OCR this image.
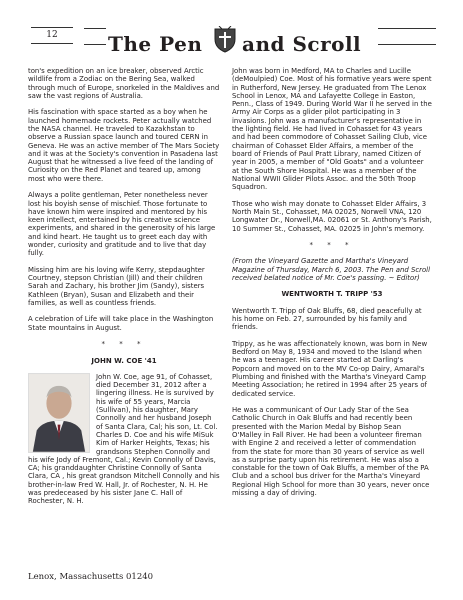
12	The Pen and Scroll

ton's expedition on an ice breaker, observed Arctic wildlife from a Zodiac on the Bering Sea, walked through much of Europe, snorkeled in the Maldives and saw the vast regions of Australia.

His fascination with space started as a boy when he launched homemade rockets. Peter actually watched the NASA channel. He traveled to Kazakhstan to observe a Russian space launch and toured CERN in Geneva. He was an active member of The Mars Society and it was at the Society's convention in Pasadena last August that he witnessed a live feed of the landing of Curiosity on the Red Planet and teared up, among most who were there.

Always a polite gentleman, Peter nonetheless never lost his boyish sense of mischief. Those fortunate to have known him were inspired and mentored by his keen intellect, entertained by his creative science experiments, and shared in the generosity of his large and kind heart. He taught us to greet each day with wonder, curiosity and gratitude and to live that day fully.

Missing him are his loving wife Kerry, stepdaughter Courtney, stepson Christian (Jill) and their children Sarah and Zachary, his brother Jim (Sandy), sisters Kathleen (Bryan), Susan and Elizabeth and their families, as well as countless friends.

A celebration of Life will take place in the Washington State mountains in August.

* * *
JOHN W. COE '41

John W. Coe, age 91, of Cohasset, died December 31, 2012 after a lingering illness. He is survived by his wife of 55 years, Marcia (Sullivan), his daughter, Mary Connolly and her husband Joseph of Santa Clara, Cal; his son, Lt. Col. Charles D. Coe and his wife MiSuk Kim of Harker Heights, Texas; his grandsons Stephen Connolly and his wife Jody of Fremont, Cal.; Kevin Connolly of Davis, CA; his granddaughter Christine Connolly of Santa Clara, CA , his great grandson Mitchell Connolly and his brother-in-law Fred W. Hall, Jr. of Rochester, N. H. He was predeceased by his sister Jane C. Hall of Rochester, N. H.

John was born in Medford, MA to Charles and Lucille (deMoulpied) Coe. Most of his formative years were spent in Rutherford, New Jersey. He graduated from The Lenox School in Lenox, MA and Lafayette College in Easton, Penn., Class of 1949. During World War II he served in the Army Air Corps as a glider pilot participating in 3 invasions. John was a manufacturer's representative in the lighting field. He had lived in Cohasset for 43 years and had been commodore of Cohasset Sailing Club, vice chairman of Cohasset Elder Affairs, a member of the board of Friends of Paul Pratt Library, named Citizen of year in 2005, a member of "Old Goats" and a volunteer at the South Shore Hospital. He was a member of the National WWII Glider Pilots Assoc. and the 50th Troop Squadron.

Those who wish may donate to Cohasset Elder Affairs, 3 North Main St., Cohasset, MA 02025, Norwell VNA, 120 Longwater Dr., Norwell,MA. 02061 or St. Anthony's Parish, 10 Summer St., Cohasset, MA. 02025 in John's memory.

* * *

(From the Vineyard Gazette and Martha's Vineyard Magazine of Thursday, March 6, 2003. The Pen and Scroll received belated notice of Mr. Coe's passing. ~ Editor)

WENTWORTH T. TRIPP '53

Wentworth T. Tripp of Oak Bluffs, 68, died peacefully at his home on Feb. 27, surrounded by his family and friends.

Trippy, as he was affectionately known, was born in New Bedford on May 8, 1934 and moved to the Island when he was a teenager. His career started at Darling's Popcorn and moved on to the MV Co-op Dairy, Amaral's Plumbing and finished with the Martha's Vineyard Camp Meeting Association; he retired in 1994 after 25 years of dedicated service.

He was a communicant of Our Lady Star of the Sea Catholic Church in Oak Bluffs and had recently been presented with the Marion Medal by Bishop Sean O'Malley in Fall River. He had been a volunteer fireman with Engine 2 and received a letter of commendation from the state for more than 30 years of service as well as a surprise party upon his retirement. He was also a constable for the town of Oak Bluffs, a member of the PA Club and a school bus driver for the Martha's Vineyard Regional High School for more than 30 years, never once missing a day of driving.

Lenox, Massachusetts 01240
